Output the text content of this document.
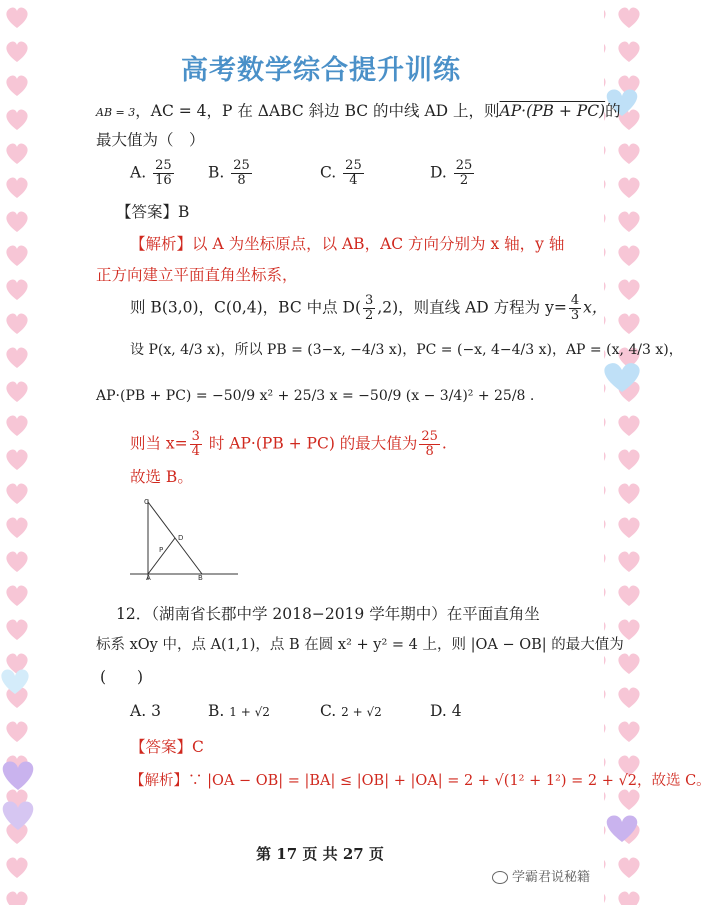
高考数学综合提升训练
AB = 3，AC = 4，P 在 ΔABC 斜边 BC 的中线 AD 上，则AP·(PB + PC)的
最大值为（　）
A. $\frac{25}{16} B$. $\frac{25}{8}$	C. $\frac{25}{4}$	D. $\frac{25}{2}$
【答案】B
【解析】以 A 为坐标原点，以 AB，AC 方向分别为 x 轴，y 轴
正方向建立平面直角坐标系，
则 B(3,0)，C(0,4)，BC 中点 $D( \frac{3}{2} ,2)$，则直线 AD 方程为 $y= \frac{4}{3}$ x，
设 P(x, 4/3 x)，所以 PB = (3−x, −4/3 x)，PC = (−x, 4−4/3 x)，AP = (x, 4/3 x)，
AP·(PB + PC) = −50/9 x² + 25/3 x = −50/9 (x − 3/4)² + 25/8 .
则当 $x= \frac{3}{4}$ 时 AP·(PB + PC) 的最大值为 $\frac{25}{8}$ .
故选 B。
C
D
P
A	B
12．（湖南省长郡中学 2018−2019 学年期中）在平面直角坐
标系 xOy 中，点 A(1,1)，点 B 在圆 x² + y² = 4 上，则 |OA − OB| 的最大值为
(　　)
A. 3	B. 1 + √2	C. 2 + √2	D. 4
【答案】C
【解析】∵ |OA − OB| = |BA| ≤ |OB| + |OA| = 2 + √(1² + 1²) = 2 + √2，故选 C。
第 17 页 共 27 页
学霸君说秘籍
